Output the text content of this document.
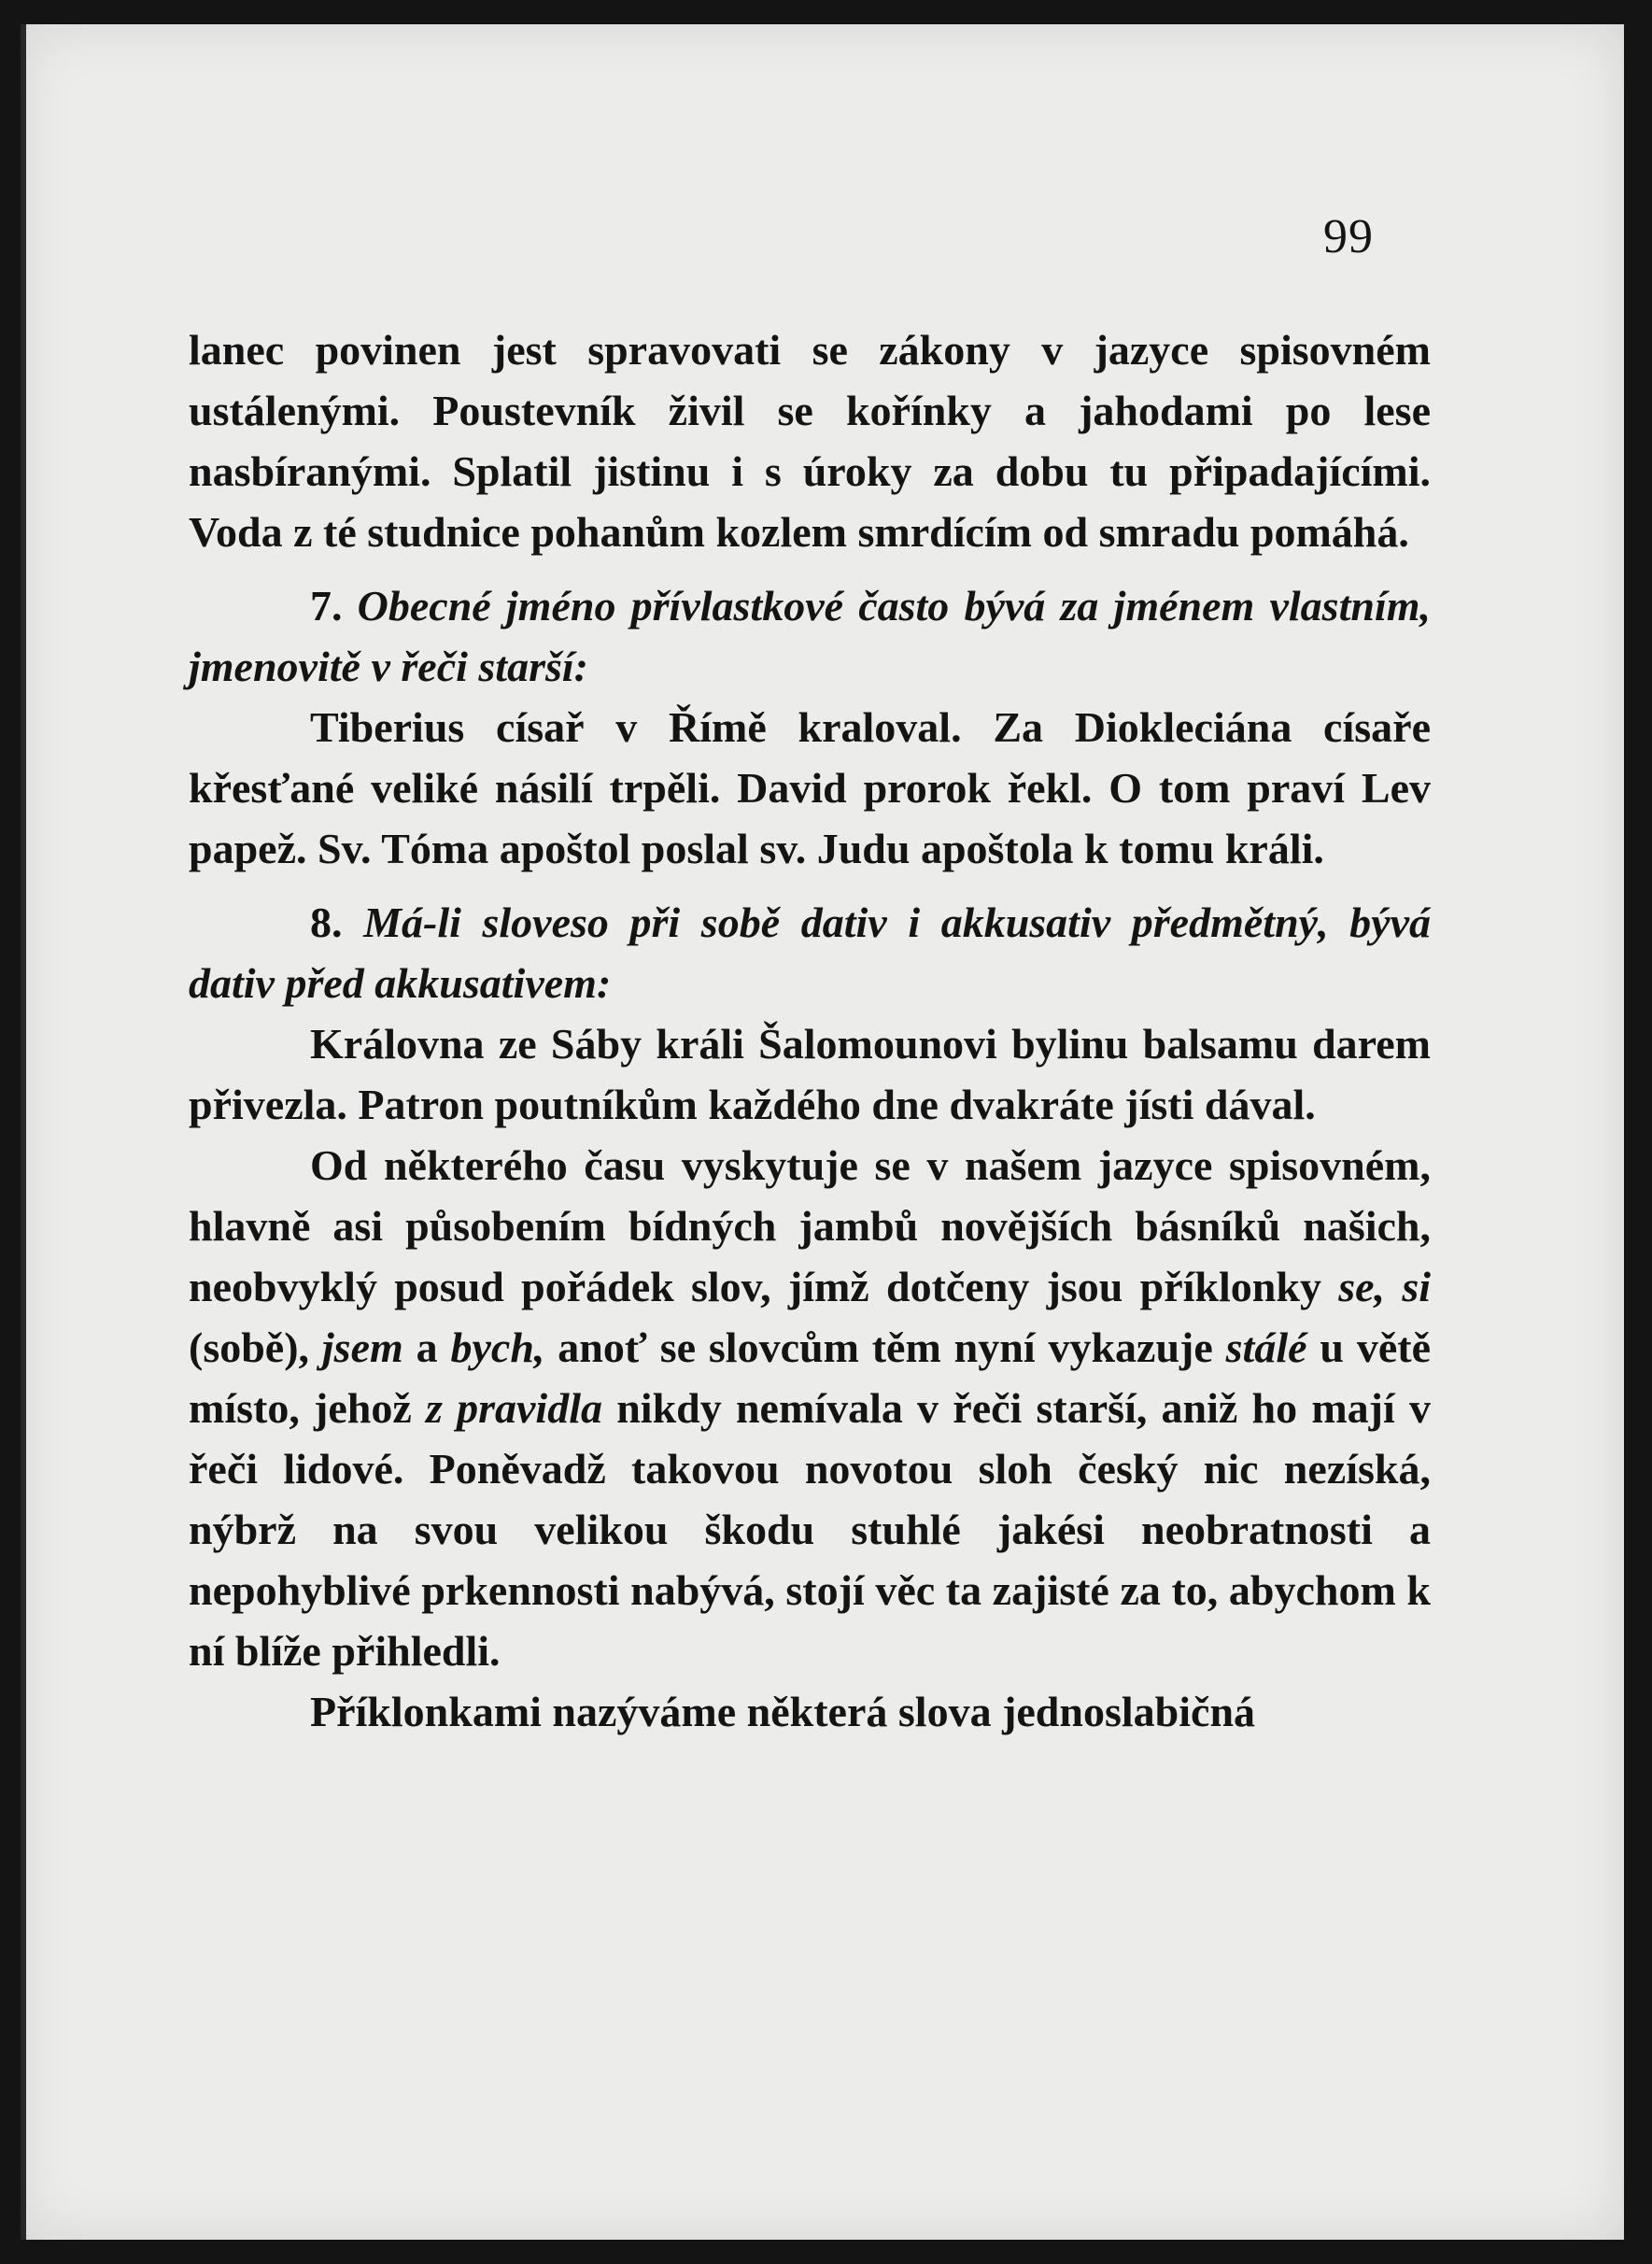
99

lanec povinen jest spravovati se zákony v jazyce spisovném ustálenými. Poustevník živil se kořínky a jahodami po lese nasbíranými. Splatil jistinu i s úroky za dobu tu připadajícími. Voda z té studnice pohanům kozlem smrdícím od smradu pomáhá.

7. Obecné jméno přívlastkové často bývá za jménem vlastním, jmenovitě v řeči starší:

Tiberius císař v Římě kraloval. Za Diokleciána císaře křesťané veliké násilí trpěli. David prorok řekl. O tom praví Lev papež. Sv. Tóma apoštol poslal sv. Judu apoštola k tomu králi.

8. Má-li sloveso při sobě dativ i akkusativ předmětný, bývá dativ před akkusativem:

Královna ze Sáby králi Šalomounovi bylinu balsamu darem přivezla. Patron poutníkům každého dne dvakráte jísti dával.

Od některého času vyskytuje se v našem jazyce spisovném, hlavně asi působením bídných jambů novějších básníků našich, neobvyklý posud pořádek slov, jímž dotčeny jsou příklonky se, si (sobě), jsem a bych, anoť se slovcům těm nyní vykazuje stálé u větě místo, jehož z pravidla nikdy nemívala v řeči starší, aniž ho mají v řeči lidové. Poněvadž takovou novotou sloh český nic nezíská, nýbrž na svou velikou škodu stuhlé jakési neobratnosti a nepohyblivé prkennosti nabývá, stojí věc ta zajisté za to, abychom k ní blíže přihledli.

Příklonkami nazýváme některá slova jednoslabičná
